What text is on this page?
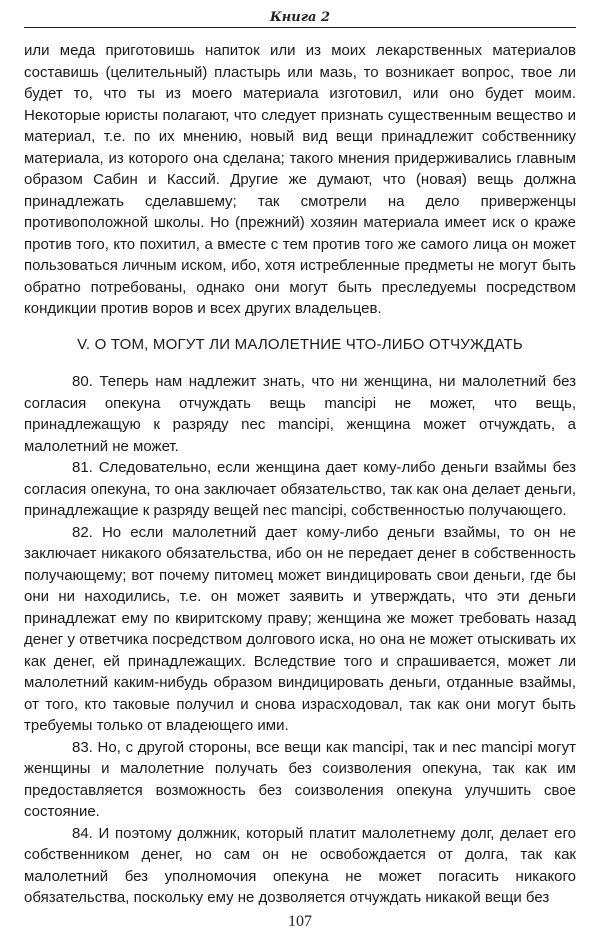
Книга 2

или меда приготовишь напиток или из моих лекарственных материалов составишь (целительный) пластырь или мазь, то возникает вопрос, твое ли будет то, что ты из моего материала изготовил, или оно будет моим. Некоторые юристы полагают, что следует признать существенным вещество и материал, т.е. по их мнению, новый вид вещи принадлежит собственнику материала, из которого она сделана; такого мнения придерживались главным образом Сабин и Кассий. Другие же думают, что (новая) вещь должна принадлежать сделавшему; так смотрели на дело приверженцы противоположной школы. Но (прежний) хозяин материала имеет иск о краже против того, кто похитил, а вместе с тем против того же самого лица он может пользоваться личным иском, ибо, хотя истребленные предметы не могут быть обратно потребованы, однако они могут быть преследуемы посредством кондикции против воров и всех других владельцев.

V. О ТОМ, МОГУТ ЛИ МАЛОЛЕТНИЕ ЧТО-ЛИБО ОТЧУЖДАТЬ

80. Теперь нам надлежит знать, что ни женщина, ни малолетний без согласия опекуна отчуждать вещь mancipi не может, что вещь, принадлежащую к разряду nec mancipi, женщина может отчуждать, а малолетний не может.

81. Следовательно, если женщина дает кому-либо деньги взаймы без согласия опекуна, то она заключает обязательство, так как она делает деньги, принадлежащие к разряду вещей nec mancipi, собственностью получающего.

82. Но если малолетний дает кому-либо деньги взаймы, то он не заключает никакого обязательства, ибо он не передает денег в собственность получающему; вот почему питомец может виндицировать свои деньги, где бы они ни находились, т.е. он может заявить и утверждать, что эти деньги принадлежат ему по квиритскому праву; женщина же может требовать назад денег у ответчика посредством долгового иска, но она не может отыскивать их как денег, ей принадлежащих. Вследствие того и спрашивается, может ли малолетний каким-нибудь образом виндицировать деньги, отданные взаймы, от того, кто таковые получил и снова израсходовал, так как они могут быть требуемы только от владеющего ими.

83. Но, с другой стороны, все вещи как mancipi, так и nec mancipi могут женщины и малолетние получать без соизволения опекуна, так как им предоставляется возможность без соизволения опекуна улучшить свое состояние.

84. И поэтому должник, который платит малолетнему долг, делает его собственником денег, но сам он не освобождается от долга, так как малолетний без уполномочия опекуна не может погасить никакого обязательства, поскольку ему не дозволяется отчуждать никакой вещи без

107
